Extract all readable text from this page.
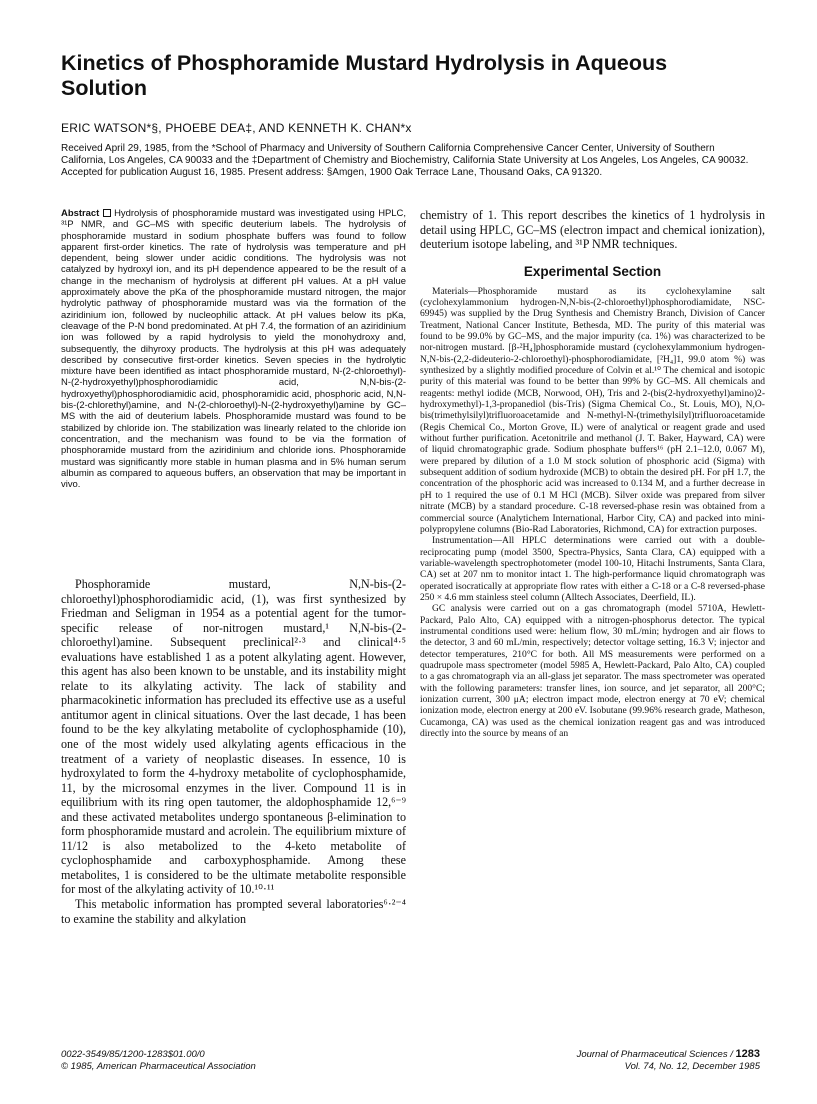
Kinetics of Phosphoramide Mustard Hydrolysis in Aqueous Solution
ERIC WATSON*§, PHOEBE DEA‡, AND KENNETH K. CHAN*x

Received April 29, 1985, from the *School of Pharmacy and University of Southern California Comprehensive Cancer Center, University of Southern California, Los Angeles, CA 90033 and the ‡Department of Chemistry and Biochemistry, California State University at Los Angeles, Los Angeles, CA 90032. Accepted for publication August 16, 1985. Present address: §Amgen, 1900 Oak Terrace Lane, Thousand Oaks, CA 91320.

Abstract Hydrolysis of phosphoramide mustard was investigated using HPLC, ³¹P NMR, and GC–MS with specific deuterium labels. The hydrolysis of phosphoramide mustard in sodium phosphate buffers was found to follow apparent first-order kinetics. The rate of hydrolysis was temperature and pH dependent, being slower under acidic conditions. The hydrolysis was not catalyzed by hydroxyl ion, and its pH dependence appeared to be the result of a change in the mechanism of hydrolysis at different pH values. At a pH value approximately above the pKa of the phosphoramide mustard nitrogen, the major hydrolytic pathway of phosphoramide mustard was via the formation of the aziridinium ion, followed by nucleophilic attack. At pH values below its pKa, cleavage of the P-N bond predominated. At pH 7.4, the formation of an aziridinium ion was followed by a rapid hydrolysis to yield the monohydroxy and, subsequently, the dihyroxy products. The hydrolysis at this pH was adequately described by consecutive first-order kinetics. Seven species in the hydrolytic mixture have been identified as intact phosphoramide mustard, N-(2-chloroethyl)-N-(2-hydroxyethyl)phosphorodiamidic acid, N,N-bis-(2-hydroxyethyl)phosphorodiamidic acid, phosphoramidic acid, phosphoric acid, N,N-bis-(2-chlorethyl)amine, and N-(2-chloroethyl)-N-(2-hydroxyethyl)amine by GC–MS with the aid of deuterium labels. Phosphoramide mustard was found to be stabilized by chloride ion. The stabilization was linearly related to the chloride ion concentration, and the mechanism was found to be via the formation of phosphoramide mustard from the aziridinium and chloride ions. Phosphoramide mustard was significantly more stable in human plasma and in 5% human serum albumin as compared to aqueous buffers, an observation that may be important in vivo.

Phosphoramide mustard, N,N-bis-(2-chloroethyl)phosphorodiamidic acid, (1), was first synthesized by Friedman and Seligman in 1954 as a potential agent for the tumor-specific release of nor-nitrogen mustard,¹ N,N-bis-(2-chloroethyl)amine. Subsequent preclinical²·³ and clinical⁴·⁵ evaluations have established 1 as a potent alkylating agent. However, this agent has also been known to be unstable, and its instability might relate to its alkylating activity. The lack of stability and pharmacokinetic information has precluded its effective use as a useful antitumor agent in clinical situations. Over the last decade, 1 has been found to be the key alkylating metabolite of cyclophosphamide (10), one of the most widely used alkylating agents efficacious in the treatment of a variety of neoplastic diseases. In essence, 10 is hydroxylated to form the 4-hydroxy metabolite of cyclophosphamide, 11, by the microsomal enzymes in the liver. Compound 11 is in equilibrium with its ring open tautomer, the aldophosphamide 12,⁶⁻⁹ and these activated metabolites undergo spontaneous β-elimination to form phosphoramide mustard and acrolein. The equilibrium mixture of 11/12 is also metabolized to the 4-keto metabolite of cyclophosphamide and carboxyphosphamide. Among these metabolites, 1 is considered to be the ultimate metabolite responsible for most of the alkylating activity of 10.¹⁰·¹¹

This metabolic information has prompted several laboratories⁶·²⁻⁴ to examine the stability and alkylation

chemistry of 1. This report describes the kinetics of 1 hydrolysis in detail using HPLC, GC–MS (electron impact and chemical ionization), deuterium isotope labeling, and ³¹P NMR techniques.

Experimental Section

Materials—Phosphoramide mustard as its cyclohexylamine salt (cyclohexylammonium hydrogen-N,N-bis-(2-chloroethyl)phosphorodiamidate, NSC-69945) was supplied by the Drug Synthesis and Chemistry Branch, Division of Cancer Treatment, National Cancer Institute, Bethesda, MD. The purity of this material was found to be 99.0% by GC–MS, and the major impurity (ca. 1%) was characterized to be nor-nitrogen mustard. [β-²H₄]phosphoramide mustard (cyclohexylammonium hydrogen-N,N-bis-(2,2-dideuterio-2-chloroethyl)-phosphorodiamidate, [²H₄]1, 99.0 atom %) was synthesized by a slightly modified procedure of Colvin et al.¹⁰ The chemical and isotopic purity of this material was found to be better than 99% by GC–MS. All chemicals and reagents: methyl iodide (MCB, Norwood, OH), Tris and 2-(bis(2-hydroxyethyl)amino)2-hydroxymethyl)-1,3-propanediol (bis-Tris) (Sigma Chemical Co., St. Louis, MO), N,O-bis(trimethylsilyl)trifluoroacetamide and N-methyl-N-(trimethylsilyl)trifluoroacetamide (Regis Chemical Co., Morton Grove, IL) were of analytical or reagent grade and used without further purification. Acetonitrile and methanol (J. T. Baker, Hayward, CA) were of liquid chromatographic grade. Sodium phosphate buffers¹⁶ (pH 2.1–12.0, 0.067 M), were prepared by dilution of a 1.0 M stock solution of phosphoric acid (Sigma) with subsequent addition of sodium hydroxide (MCB) to obtain the desired pH. For pH 1.7, the concentration of the phosphoric acid was increased to 0.134 M, and a further decrease in pH to 1 required the use of 0.1 M HCl (MCB). Silver oxide was prepared from silver nitrate (MCB) by a standard procedure. C-18 reversed-phase resin was obtained from a commercial source (Analytichem International, Harbor City, CA) and packed into mini-polypropylene columns (Bio-Rad Laboratories, Richmond, CA) for extraction purposes.

Instrumentation—All HPLC determinations were carried out with a double-reciprocating pump (model 3500, Spectra-Physics, Santa Clara, CA) equipped with a variable-wavelength spectrophotometer (model 100-10, Hitachi Instruments, Santa Clara, CA) set at 207 nm to monitor intact 1. The high-performance liquid chromatograph was operated isocratically at appropriate flow rates with either a C-18 or a C-8 reversed-phase 250 × 4.6 mm stainless steel column (Alltech Associates, Deerfield, IL).

GC analysis were carried out on a gas chromatograph (model 5710A, Hewlett-Packard, Palo Alto, CA) equipped with a nitrogen-phosphorus detector. The typical instrumental conditions used were: helium flow, 30 mL/min; hydrogen and air flows to the detector, 3 and 60 mL/min, respectively; detector voltage setting, 16.3 V; injector and detector temperatures, 210°C for both. All MS measurements were performed on a quadrupole mass spectrometer (model 5985 A, Hewlett-Packard, Palo Alto, CA) coupled to a gas chromatograph via an all-glass jet separator. The mass spectrometer was operated with the following parameters: transfer lines, ion source, and jet separator, all 200°C; ionization current, 300 μA; electron impact mode, electron energy at 70 eV; chemical ionization mode, electron energy at 200 eV. Isobutane (99.96% research grade, Matheson, Cucamonga, CA) was used as the chemical ionization reagent gas and was introduced directly into the source by means of an

0022-3549/85/1200-1283$01.00/0
© 1985, American Pharmaceutical Association
Journal of Pharmaceutical Sciences / 1283
Vol. 74, No. 12, December 1985
